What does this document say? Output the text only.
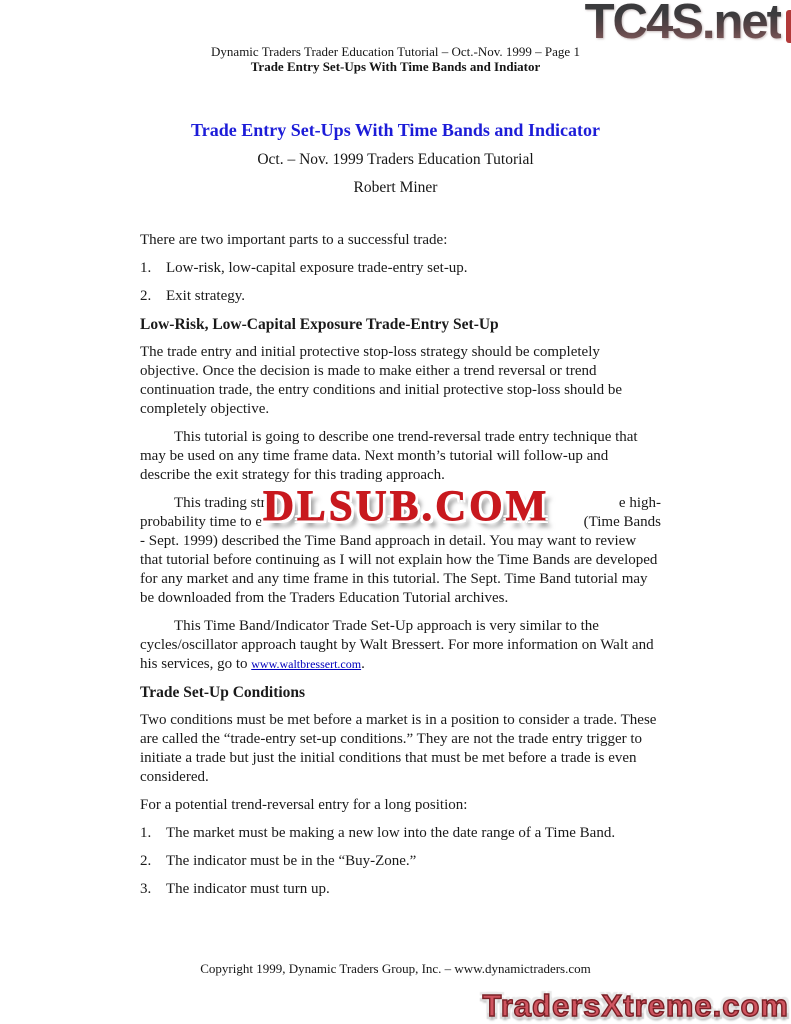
TC4S.net
Dynamic Traders Trader Education Tutorial – Oct.-Nov. 1999 – Page 1
Trade Entry Set-Ups With Time Bands and Indiator
Trade Entry Set-Ups With Time Bands and Indicator
Oct. – Nov. 1999 Traders Education Tutorial
Robert Miner

There are two important parts to a successful trade:

1. Low-risk, low-capital exposure trade-entry set-up.
2. Exit strategy.
Low-Risk, Low-Capital Exposure Trade-Entry Set-Up

The trade entry and initial protective stop-loss strategy should be completely objective. Once the decision is made to make either a trend reversal or trend continuation trade, the entry conditions and initial protective stop-loss should be completely objective.

This tutorial is going to describe one trend-reversal trade entry technique that may be used on any time frame data. Next month’s tutorial will follow-up and describe the exit strategy for this trading approach.

This trading stra	e high-
probability time to e	(Time Bands
- Sept. 1999) described the Time Band approach in detail. You may want to review that tutorial before continuing as I will not explain how the Time Bands are developed for any market and any time frame in this tutorial. The Sept. Time Band tutorial may be downloaded from the Traders Education Tutorial archives.

This Time Band/Indicator Trade Set-Up approach is very similar to the cycles/oscillator approach taught by Walt Bressert. For more information on Walt and his services, go to www.waltbressert.com.

Trade Set-Up Conditions

Two conditions must be met before a market is in a position to consider a trade. These are called the “trade-entry set-up conditions.” They are not the trade entry trigger to initiate a trade but just the initial conditions that must be met before a trade is even considered.

For a potential trend-reversal entry for a long position:

1. The market must be making a new low into the date range of a Time Band.
2. The indicator must be in the “Buy-Zone.”
3. The indicator must turn up.
DLSUB.COM
Copyright 1999, Dynamic Traders Group, Inc. – www.dynamictraders.com
TradersXtreme.com
